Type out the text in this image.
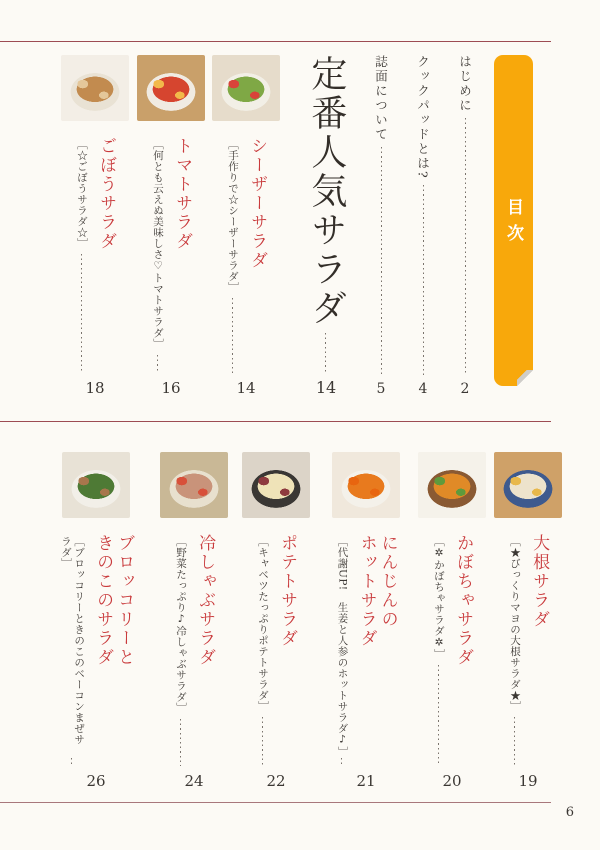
目次
はじめに
2
クックパッドとは?
4
誌面について
5
定番人気サラダ
14
シーザーサラダ
［手作りで☆シーザーサラダ］
14
トマトサラダ
［何とも云えぬ美味しさ♡トマトサラダ］
16
ごぼうサラダ
［☆ごぼうサラダ☆］
18
大根サラダ
［★びっくりマヨの大根サラダ★］
19
かぼちゃサラダ
［✲かぼちゃサラダ✲］
20
にんじんの
ホットサラダ
［代謝UP!　生姜と人参のホットサラダ♪］
21
ポテトサラダ
［キャベツたっぷりポテトサラダ］
22
冷しゃぶサラダ
［野菜たっぷり♪冷しゃぶサラダ］
24
ブロッコリーと
きのこのサラダ
［ブロッコリーときのこのベーコンまぜサラダ］
26
6
